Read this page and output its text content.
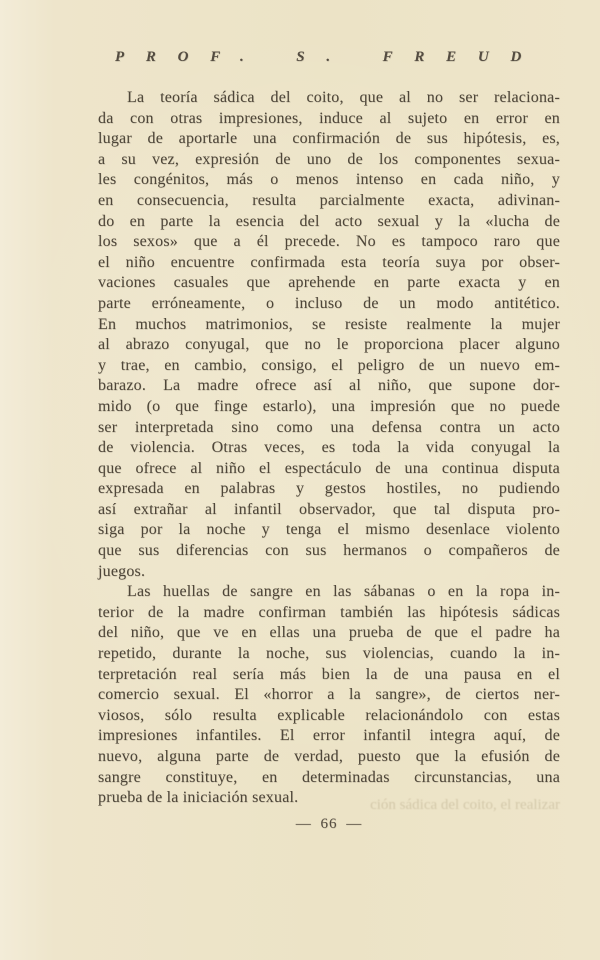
PROF. S. FREUD
La teoría sádica del coito, que al no ser relaciona-
da con otras impresiones, induce al sujeto en error en
lugar de aportarle una confirmación de sus hipótesis, es,
a su vez, expresión de uno de los componentes sexua-
les congénitos, más o menos intenso en cada niño, y
en consecuencia, resulta parcialmente exacta, adivinan-
do en parte la esencia del acto sexual y la «lucha de
los sexos» que a él precede. No es tampoco raro que
el niño encuentre confirmada esta teoría suya por obser-
vaciones casuales que aprehende en parte exacta y en
parte erróneamente, o incluso de un modo antitético.
En muchos matrimonios, se resiste realmente la mujer
al abrazo conyugal, que no le proporciona placer alguno
y trae, en cambio, consigo, el peligro de un nuevo em-
barazo. La madre ofrece así al niño, que supone dor-
mido (o que finge estarlo), una impresión que no puede
ser interpretada sino como una defensa contra un acto
de violencia. Otras veces, es toda la vida conyugal la
que ofrece al niño el espectáculo de una continua disputa
expresada en palabras y gestos hostiles, no pudiendo
así extrañar al infantil observador, que tal disputa pro-
siga por la noche y tenga el mismo desenlace violento
que sus diferencias con sus hermanos o compañeros de
juegos.
Las huellas de sangre en las sábanas o en la ropa in-
terior de la madre confirman también las hipótesis sádicas
del niño, que ve en ellas una prueba de que el padre ha
repetido, durante la noche, sus violencias, cuando la in-
terpretación real sería más bien la de una pausa en el
comercio sexual. El «horror a la sangre», de ciertos ner-
viosos, sólo resulta explicable relacionándolo con estas
impresiones infantiles. El error infantil integra aquí, de
nuevo, alguna parte de verdad, puesto que la efusión de
sangre constituye, en determinadas circunstancias, una
prueba de la iniciación sexual.	ción sádica del coito, el realizar
— 66 —
